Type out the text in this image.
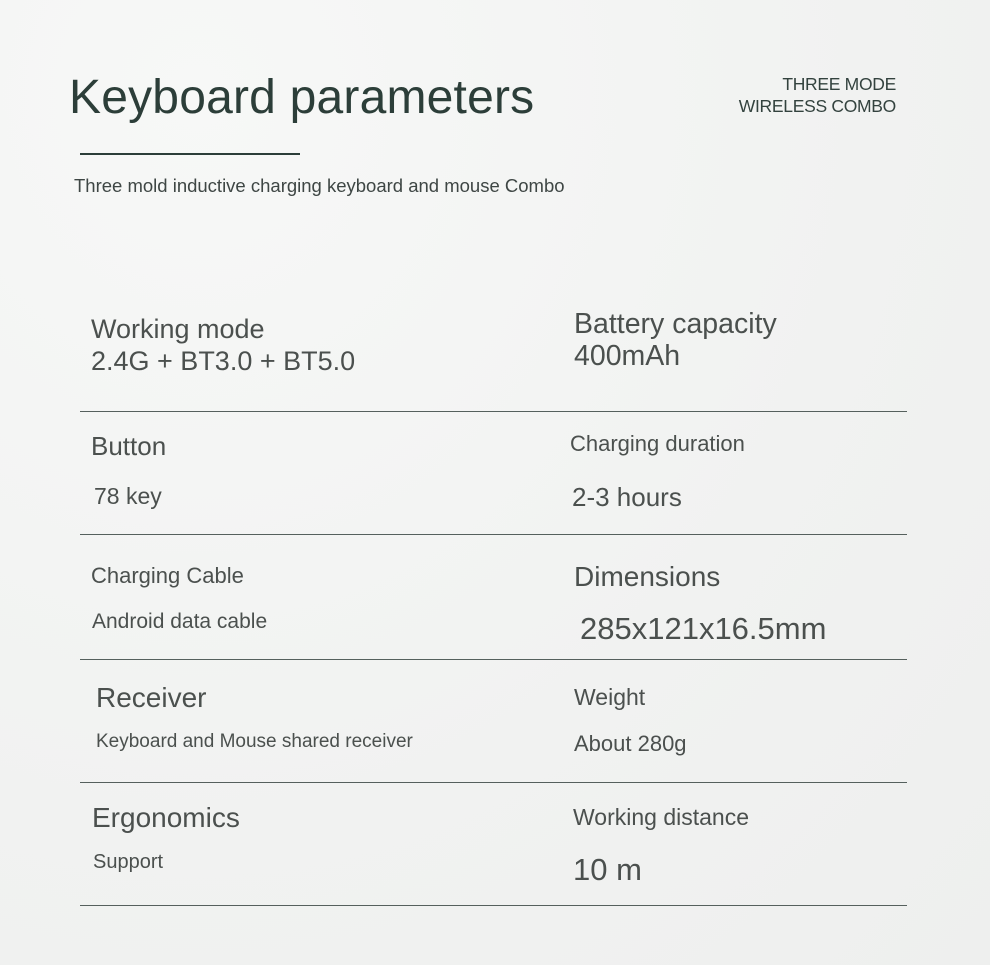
Keyboard parameters	THREE MODE
WIRELESS COMBO
Three mold inductive charging keyboard and mouse Combo
Working mode
2.4G + BT3.0 + BT5.0
Battery capacity
400mAh
Button
78 key
Charging duration
2-3 hours
Charging Cable
Android data cable
Dimensions
285x121x16.5mm
Receiver
Keyboard and Mouse shared receiver
Weight
About 280g
Ergonomics
Support
Working distance
10 m
